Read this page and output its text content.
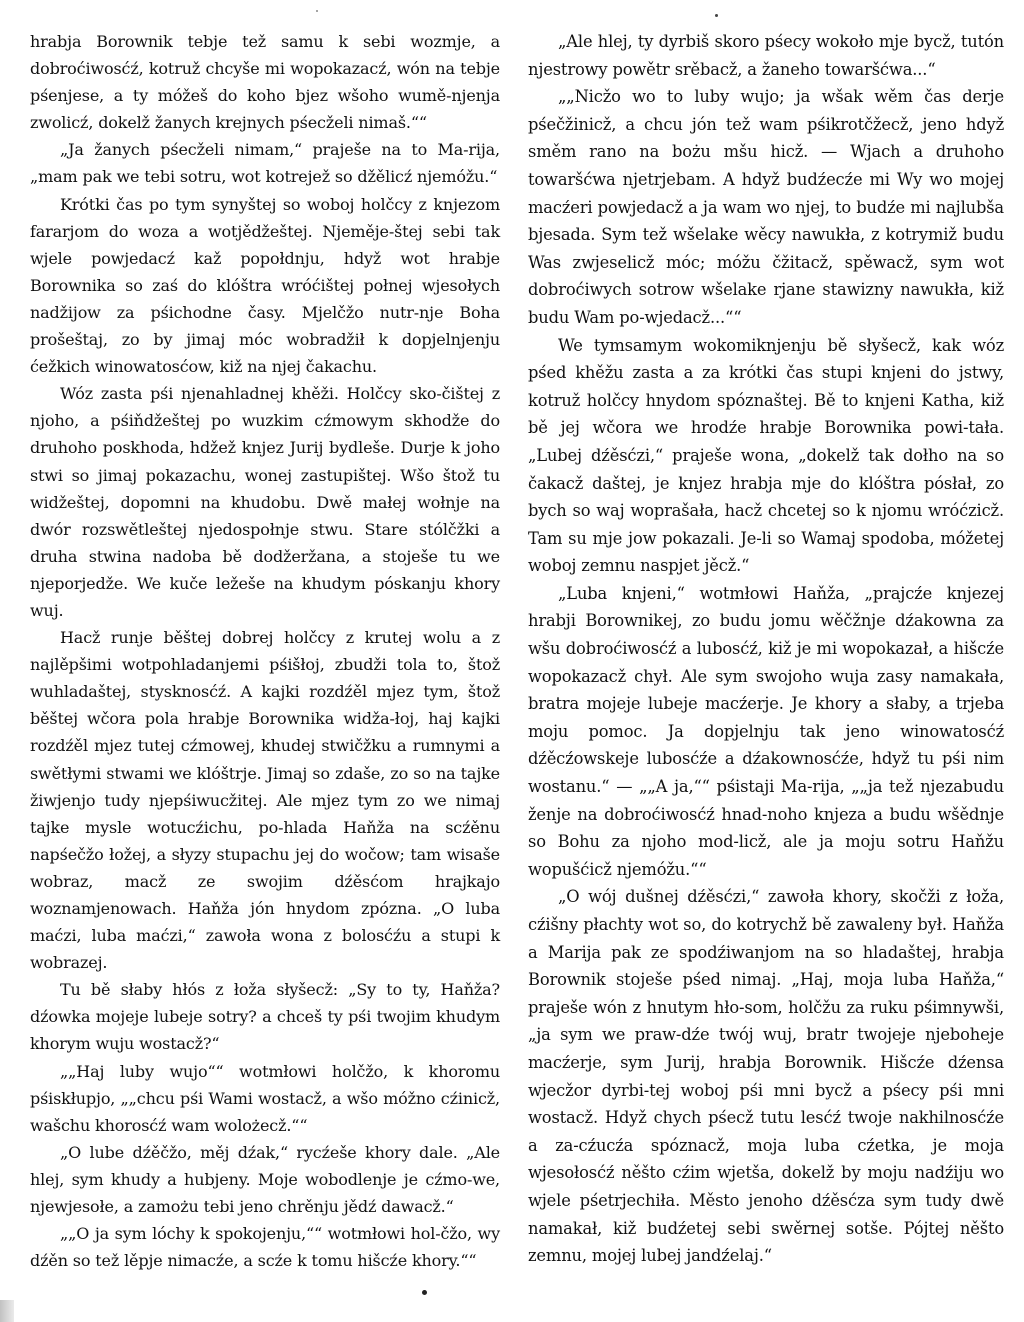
hrabja Borownik tebje tež samu k sebi wozmje, a dobroćiwosćź, kotruž chcyše mi wopokazacź, wón na tebje pśenjese, a ty móžeš do koho bjez wšoho wumě-njenja zwolicź, dokelž žanych krejnych pśecželi nimaš.““

„Ja žanych pśecželi nimam,“ praješe na to Ma-rija, „mam pak we tebi sotru, wot kotrejež so džělicź njemóžu.“

Krótki čas po tym synyštej so woboj holčcy z knjezom fararjom do woza a wotjědžeštej. Njeměje-štej sebi tak wjele powjedacź kaž popołdnju, hdyž wot hrabje Borownika so zaś do klóštra wróćištej połnej wjesołych nadžijow za pśichodne časy. Mjelčžo nutr-nje Boha prošeštaj, zo by jimaj móc wobradžił k dopjelnjenju ćežkich winowatosćow, kiž na njej čakachu.

Wóz zasta pśi njenahladnej khěži. Holčcy sko-čištej z njoho, a pśiňdžeštej po wuzkim cźmowym skhodže do druhoho poskhoda, hdžež knjez Jurij bydleše. Durje k joho stwi so jimaj pokazachu, wonej zastupištej. Wšo štož tu widžeštej, dopomni na khudobu. Dwě małej wołnje na dwór rozswětleštej njedospołnje stwu. Stare stólčžki a druha stwina nadoba bě dodžeržana, a stoješe tu we njeporjedže. We kuče ležeše na khudym póskanju khory wuj.

Hacž runje běštej dobrej holčcy z krutej wolu a z najlěpšimi wotpohladanjemi pśišłoj, zbudži tola to, štož wuhladaštej, stysknosćź. A kajki rozdźěl mjez tym, štož běštej wčora pola hrabje Borownika widža-łoj, haj kajki rozdźěl mjez tutej cźmowej, khudej stwičžku a rumnymi a swětłymi stwami we klóštrje. Jimaj so zdaše, zo so na tajke žiwjenjo tudy njepśiwucžitej. Ale mjez tym zo we nimaj tajke mysle wotucźichu, po-hlada Haňža na scźěnu napśečžo łožej, a słyzy stupachu jej do wočow; tam wisaše wobraz, macž ze swojim dźěsćom hrajkajo woznamjenowach. Haňža jón hnydom zpózna. „O luba maćzi, luba maćzi,“ zawoła wona z bolosćźu a stupi k wobrazej.

Tu bě słaby hłós z łoža słyšecž: „Sy to ty, Haňža? dźowka mojeje lubeje sotry? a chceš ty pśi twojim khudym khorym wuju wostacž?“

„„Haj luby wujo““ wotmłowi holčžo, k khoromu pśiskłupjo, „„chcu pśi Wami wostacž, a wšo móžno cźinicž, wašchu khorosćź wam wolożecž.““

„O lube dźěčžo, měj dźak,“ rycźeše khory dale. „Ale hlej, sym khudy a hubjeny. Moje wobodlenje je cźmo-we, njewjesołe, a zamożu tebi jeno chrěnju jědź dawacž.“

„„O ja sym lóchy k spokojenju,““ wotmłowi hol-čžo, wy dźěn so tež lěpje nimacźe, a scźe k tomu hišcźe khory.““

„Ale hlej, ty dyrbiš skoro pśecy wokoło mje bycž, tutón njestrowy powětr srěbacž, a žaneho towaršćwa...“

„„Nicžo wo to luby wujo; ja wšak wěm čas derje pśečžinicž, a chcu jón tež wam pśikrotčžecž, jeno hdyž směm rano na bożu mšu hicž. — Wjach a druhoho towaršćwa njetrjebam. A hdyž budźecźe mi Wy wo mojej macźeri powjedacž a ja wam wo njej, to budźe mi najlubša bjesada. Sym tež wšelake wěcy nawukła, z kotrymiž budu Was zwjeselicž móc; móžu čžitacž, spěwacž, sym wot dobroćiwych sotrow wšelake rjane stawizny nawukła, kiž budu Wam po-wjedacž...““

We tymsamym wokomiknjenju bě słyšecž, kak wóz pśed khěžu zasta a za krótki čas stupi knjeni do jstwy, kotruž holčcy hnydom spóznaštej. Bě to knjeni Katha, kiž bě jej wčora we hrodźe hrabje Borownika powi-tała. „Lubej dźěsćzi,“ praješe wona, „dokelž tak dołho na so čakacž daštej, je knjez hrabja mje do klóštra pósłał, zo bych so waj woprašała, hacž chcetej so k njomu wróćzicž. Tam su mje jow pokazali. Je-li so Wamaj spodoba, móžetej woboj zemnu naspjet jěcž.“

„Luba knjeni,“ wotmłowi Haňža, „prajcźe knjezej hrabji Borownikej, zo budu jomu wěčžnje dźakowna za wšu dobroćiwosćź a lubosćź, kiž je mi wopokazał, a hišcźe wopokazacž chył. Ale sym swojoho wuja zasy namakała, bratra mojeje lubeje macźerje. Je khory a słaby, a trjeba moju pomoc. Ja dopjelnju tak jeno winowatosćź dźěcźowskeje lubosćźe a dźakownosćźe, hdyž tu pśi nim wostanu.“ — „„A ja,““ pśistaji Ma-rija, „„ja tež njezabudu ženje na dobroćiwosćź hnad-noho knjeza a budu wšědnje so Bohu za njoho mod-licž, ale ja moju sotru Haňžu wopušćicž njemóžu.““

„O wój dušnej dźěsćzi,“ zawoła khory, skočži z łoža, cźišny płachty wot so, do kotrychž bě zawaleny był. Haňža a Marija pak ze spodźiwanjom na so hladaštej, hrabja Borownik stoješe pśed nimaj. „Haj, moja luba Haňža,“ praješe wón z hnutym hło-som, holčžu za ruku pśimnywši, „ja sym we praw-dźe twój wuj, bratr twojeje njeboheje macźerje, sym Jurij, hrabja Borownik. Hišcźe dźensa wjecžor dyrbi-tej woboj pśi mni bycž a pśecy pśi mni wostacž. Hdyž chych pśecž tutu lesćź twoje nakhilnosćźe a za-cźucźa spóznacž, moja luba cźetka, je moja wjesołosćź něšto cźim wjetša, dokelž by moju nadźiju wo wjele pśetrjechiła. Město jenoho dźěsćza sym tudy dwě namakał, kiž budźetej sebi swěrnej sotše. Pójtej něšto zemnu, mojej lubej jandźelaj.“
